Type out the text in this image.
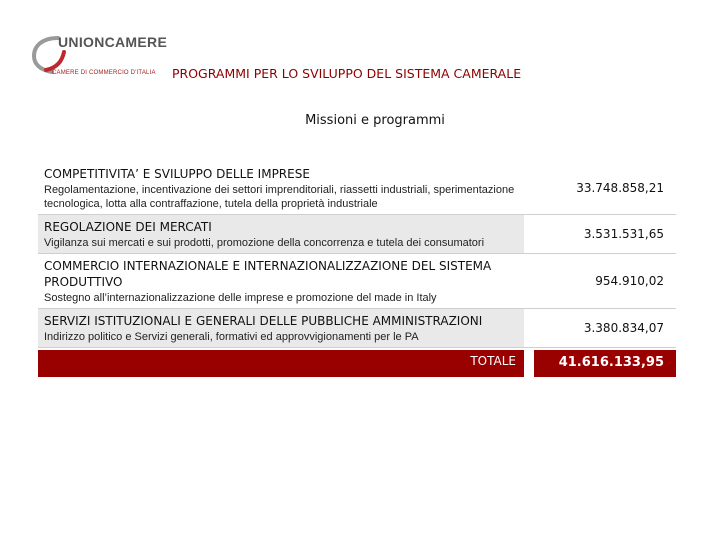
UNIONCAMERE
CAMERE DI COMMERCIO D'ITALIA PROGRAMMI PER LO SVILUPPO DEL SISTEMA CAMERALE
Missioni e programmi
COMPETITIVITA’ E SVILUPPO DELLE IMPRESE
Regolamentazione, incentivazione dei settori imprenditoriali, riassetti industriali, sperimentazione tecnologica, lotta alla contraffazione, tutela della proprietà industriale
33.748.858,21
REGOLAZIONE DEI MERCATI
Vigilanza sui mercati e sui prodotti, promozione della concorrenza e tutela dei consumatori
3.531.531,65
COMMERCIO INTERNAZIONALE E INTERNAZIONALIZZAZIONE DEL SISTEMA PRODUTTIVO
Sostegno all’internazionalizzazione delle imprese e promozione del made in Italy
954.910,02
SERVIZI ISTITUZIONALI E GENERALI DELLE PUBBLICHE AMMINISTRAZIONI
Indirizzo politico e Servizi generali, formativi ed approvvigionamenti per le PA
3.380.834,07
TOTALE	41.616.133,95
